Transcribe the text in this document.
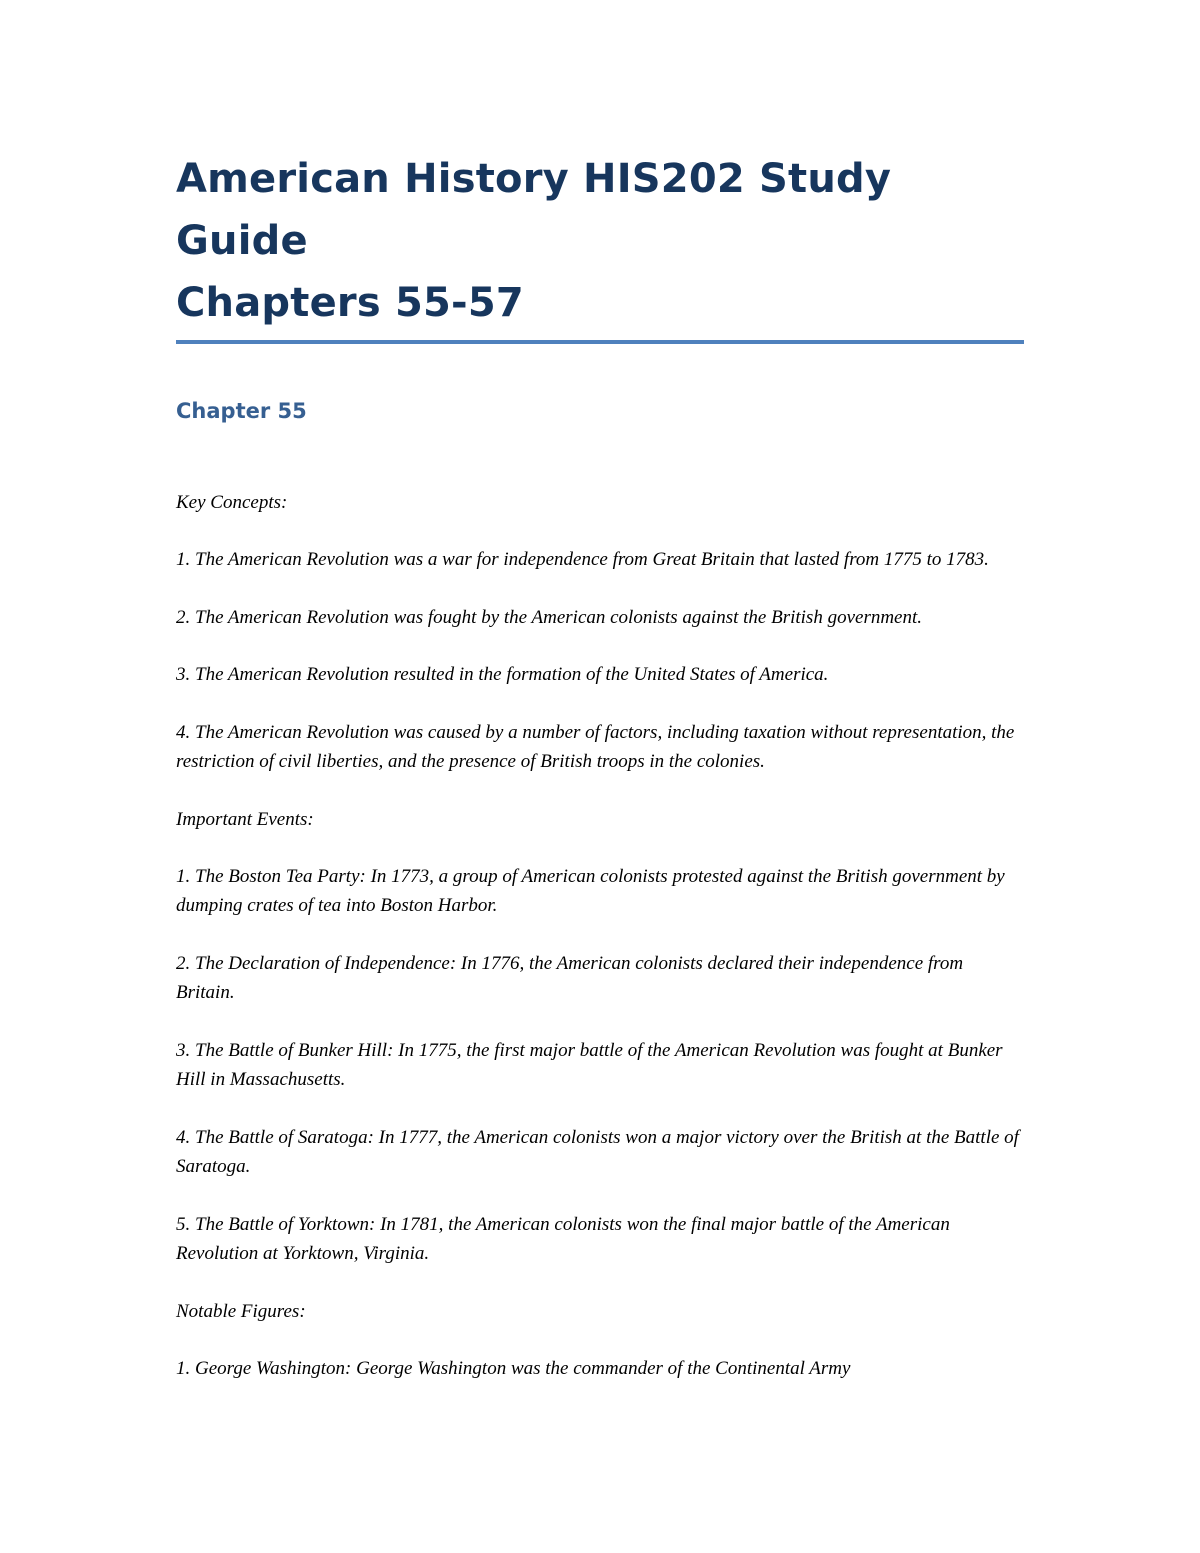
American History HIS202 Study Guide
Chapters 55-57
Chapter 55

Key Concepts:

1. The American Revolution was a war for independence from Great Britain that lasted from 1775 to 1783.

2. The American Revolution was fought by the American colonists against the British government.

3. The American Revolution resulted in the formation of the United States of America.

4. The American Revolution was caused by a number of factors, including taxation without representation, the restriction of civil liberties, and the presence of British troops in the colonies.

Important Events:

1. The Boston Tea Party: In 1773, a group of American colonists protested against the British government by dumping crates of tea into Boston Harbor.

2. The Declaration of Independence: In 1776, the American colonists declared their independence from Britain.

3. The Battle of Bunker Hill: In 1775, the first major battle of the American Revolution was fought at Bunker Hill in Massachusetts.

4. The Battle of Saratoga: In 1777, the American colonists won a major victory over the British at the Battle of Saratoga.

5. The Battle of Yorktown: In 1781, the American colonists won the final major battle of the American Revolution at Yorktown, Virginia.

Notable Figures:

1. George Washington: George Washington was the commander of the Continental Army
